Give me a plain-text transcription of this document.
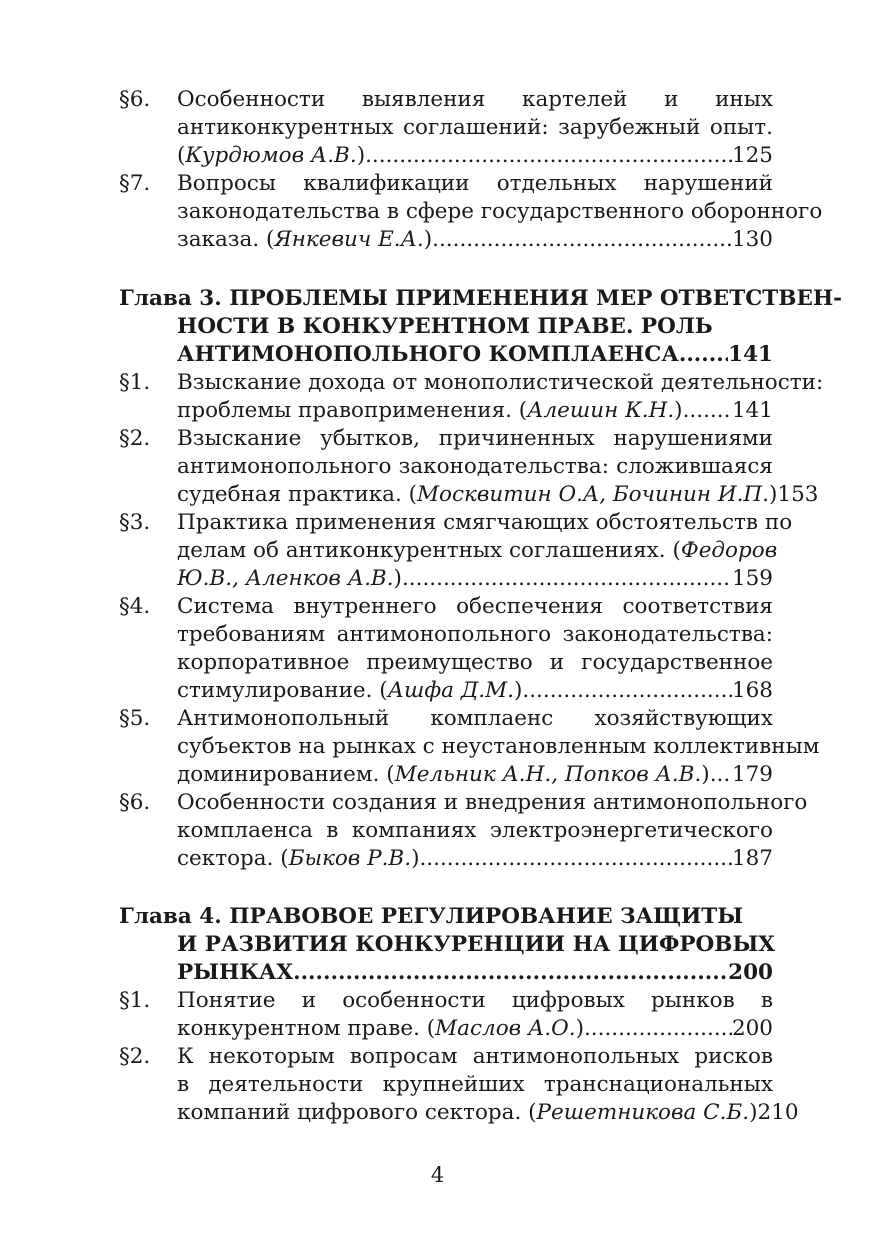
§6. Особенности выявления картелей и иных
антиконкурентных соглашений: зарубежный опыт.
(Курдюмов А.В.) .....	125
§7. Вопросы квалификации отдельных нарушений
законодательства в сфере государственного оборонного
заказа. (Янкевич Е.А.) .....	130
Глава 3. ПРОБЛЕМЫ ПРИМЕНЕНИЯ МЕР ОТВЕТСТВЕН-
НОСТИ В КОНКУРЕНТНОМ ПРАВЕ. РОЛЬ
АНТИМОНОПОЛЬНОГО КОМПЛАЕНСА ..... 141
§1. Взыскание дохода от монополистической деятельности:
проблемы правоприменения. (Алешин К.Н.) ..... 141
§2. Взыскание убытков, причиненных нарушениями
антимонопольного законодательства: сложившаяся
судебная практика. (Москвитин О.А, Бочинин И.П.) 153
§3. Практика применения смягчающих обстоятельств по
делам об антиконкурентных соглашениях. ( Федоров
Ю.В., Аленков А.В.) .....	159
§4. Система внутреннего обеспечения соответствия
требованиям антимонопольного законодательства:
корпоративное преимущество и государственное
стимулирование. (Ашфа Д.М.) .....	168
§5. Антимонопольный комплаенс хозяйствующих
субъектов на рынках с неустановленным коллективным
доминированием. (Мельник А.Н., Попков А.В.) ..... 179
§6. Особенности создания и внедрения антимонопольного
комплаенса в компаниях электроэнергетического
сектора. (Быков Р.В.) .....	187
Глава 4. ПРАВОВОЕ РЕГУЛИРОВАНИЕ ЗАЩИТЫ
И РАЗВИТИЯ КОНКУРЕНЦИИ НА ЦИФРОВЫХ
РЫНКАХ .....	200
§1. Понятие и особенности цифровых рынков в
конкурентном праве. (Маслов А.О.) .....	200
§2. К некоторым вопросам антимонопольных рисков
в деятельности крупнейших транснациональных
компаний цифрового сектора. (Решетникова С.Б.) 210
4
